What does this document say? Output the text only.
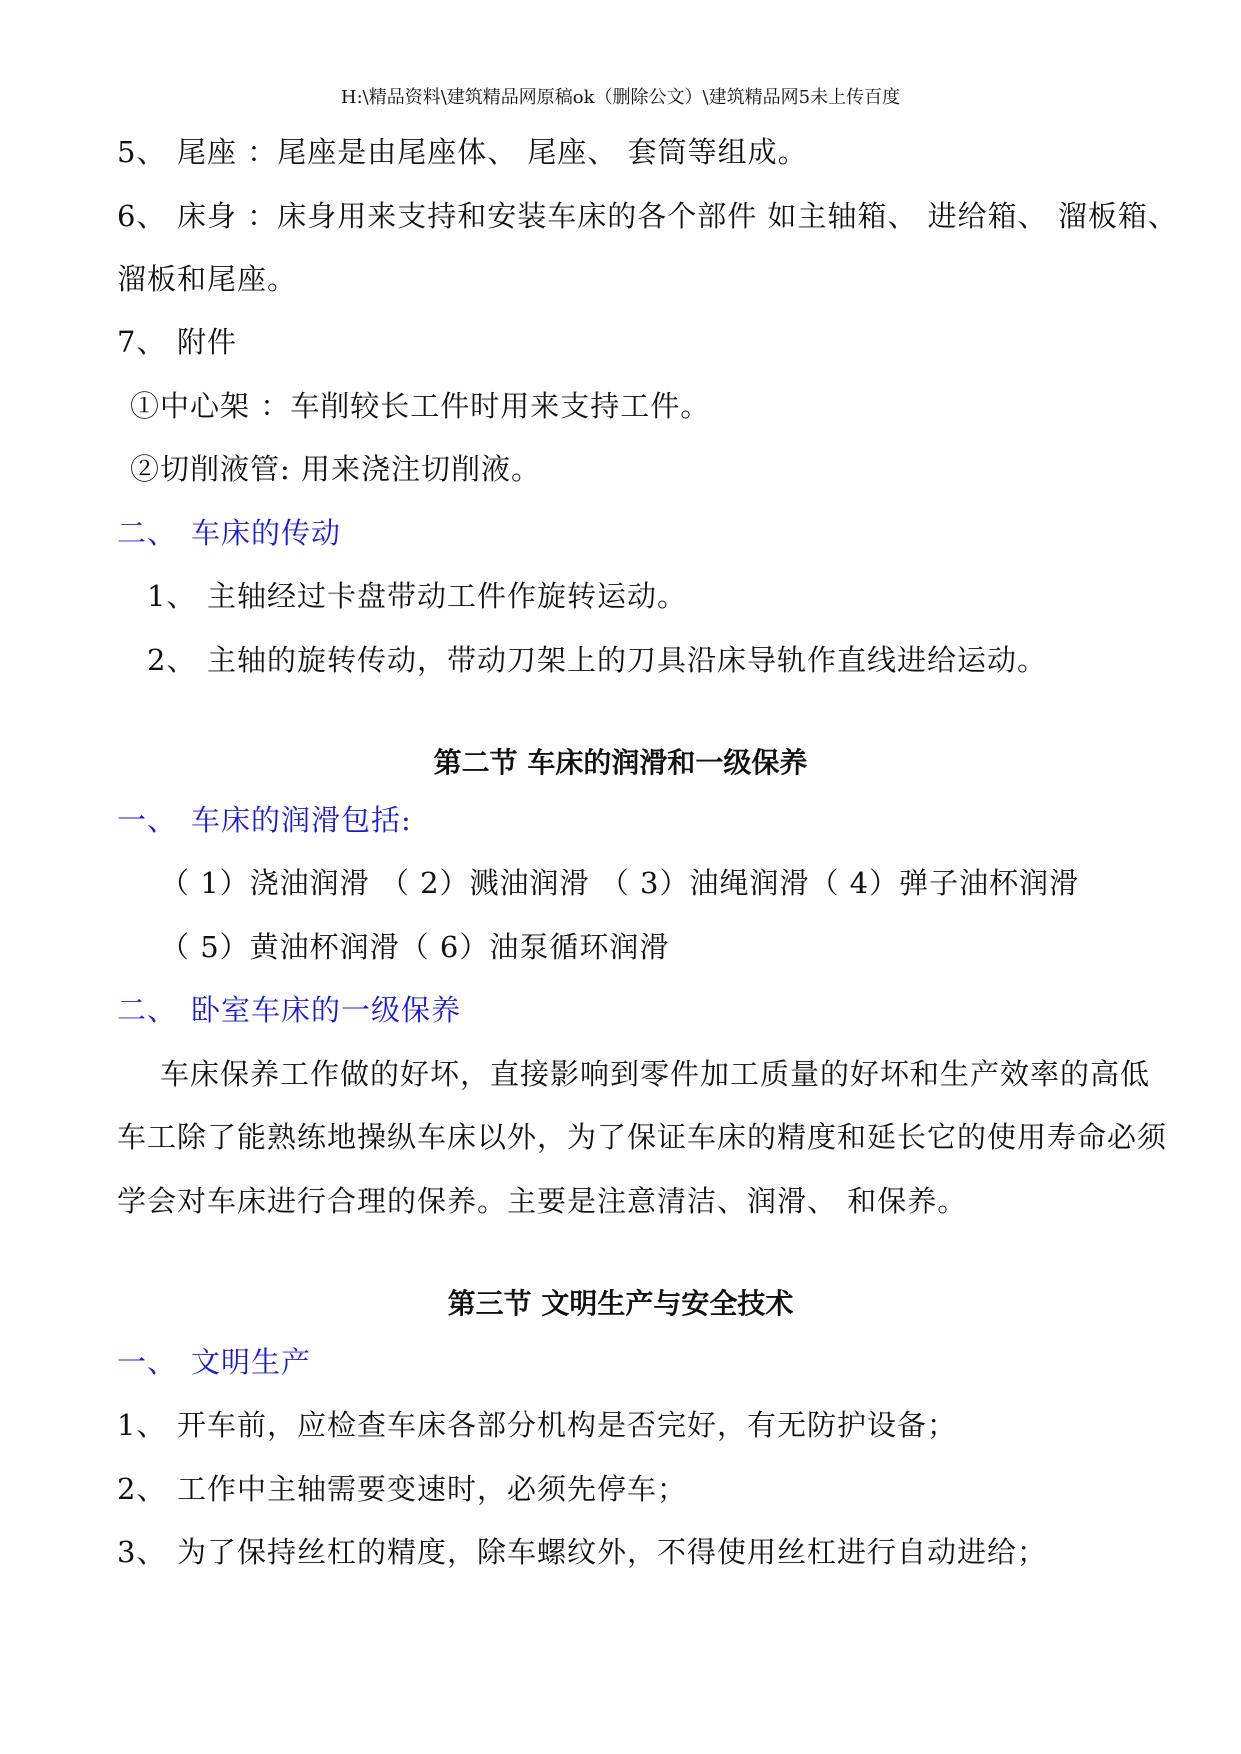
H:\精品资料\建筑精品网原稿ok（删除公文）\建筑精品网5未上传百度
5、 尾座 ：尾座是由尾座体、 尾座、 套筒等组成。
6、 床身 ：床身用来支持和安装车床的各个部件 如主轴箱、 进给箱、 溜板箱、
溜板和尾座。
7、 附件
①中心架 ：车削较长工件时用来支持工件。
②切削液管: 用来浇注切削液。
二、 车床的传动
1、 主轴经过卡盘带动工件作旋转运动。
2、 主轴的旋转传动，带动刀架上的刀具沿床导轨作直线进给运动。
第二节 车床的润滑和一级保养
一、 车床的润滑包括:
（ 1）浇油润滑 （ 2）溅油润滑 （ 3）油绳润滑（ 4）弹子油杯润滑
（ 5）黄油杯润滑（ 6）油泵循环润滑
二、 卧室车床的一级保养
车床保养工作做的好坏，直接影响到零件加工质量的好坏和生产效率的高低
车工除了能熟练地操纵车床以外，为了保证车床的精度和延长它的使用寿命必须
学会对车床进行合理的保养。主要是注意清洁、润滑、 和保养。
第三节 文明生产与安全技术
一、 文明生产
1、 开车前，应检查车床各部分机构是否完好，有无防护设备；
2、 工作中主轴需要变速时，必须先停车；
3、 为了保持丝杠的精度，除车螺纹外，不得使用丝杠进行自动进给；
